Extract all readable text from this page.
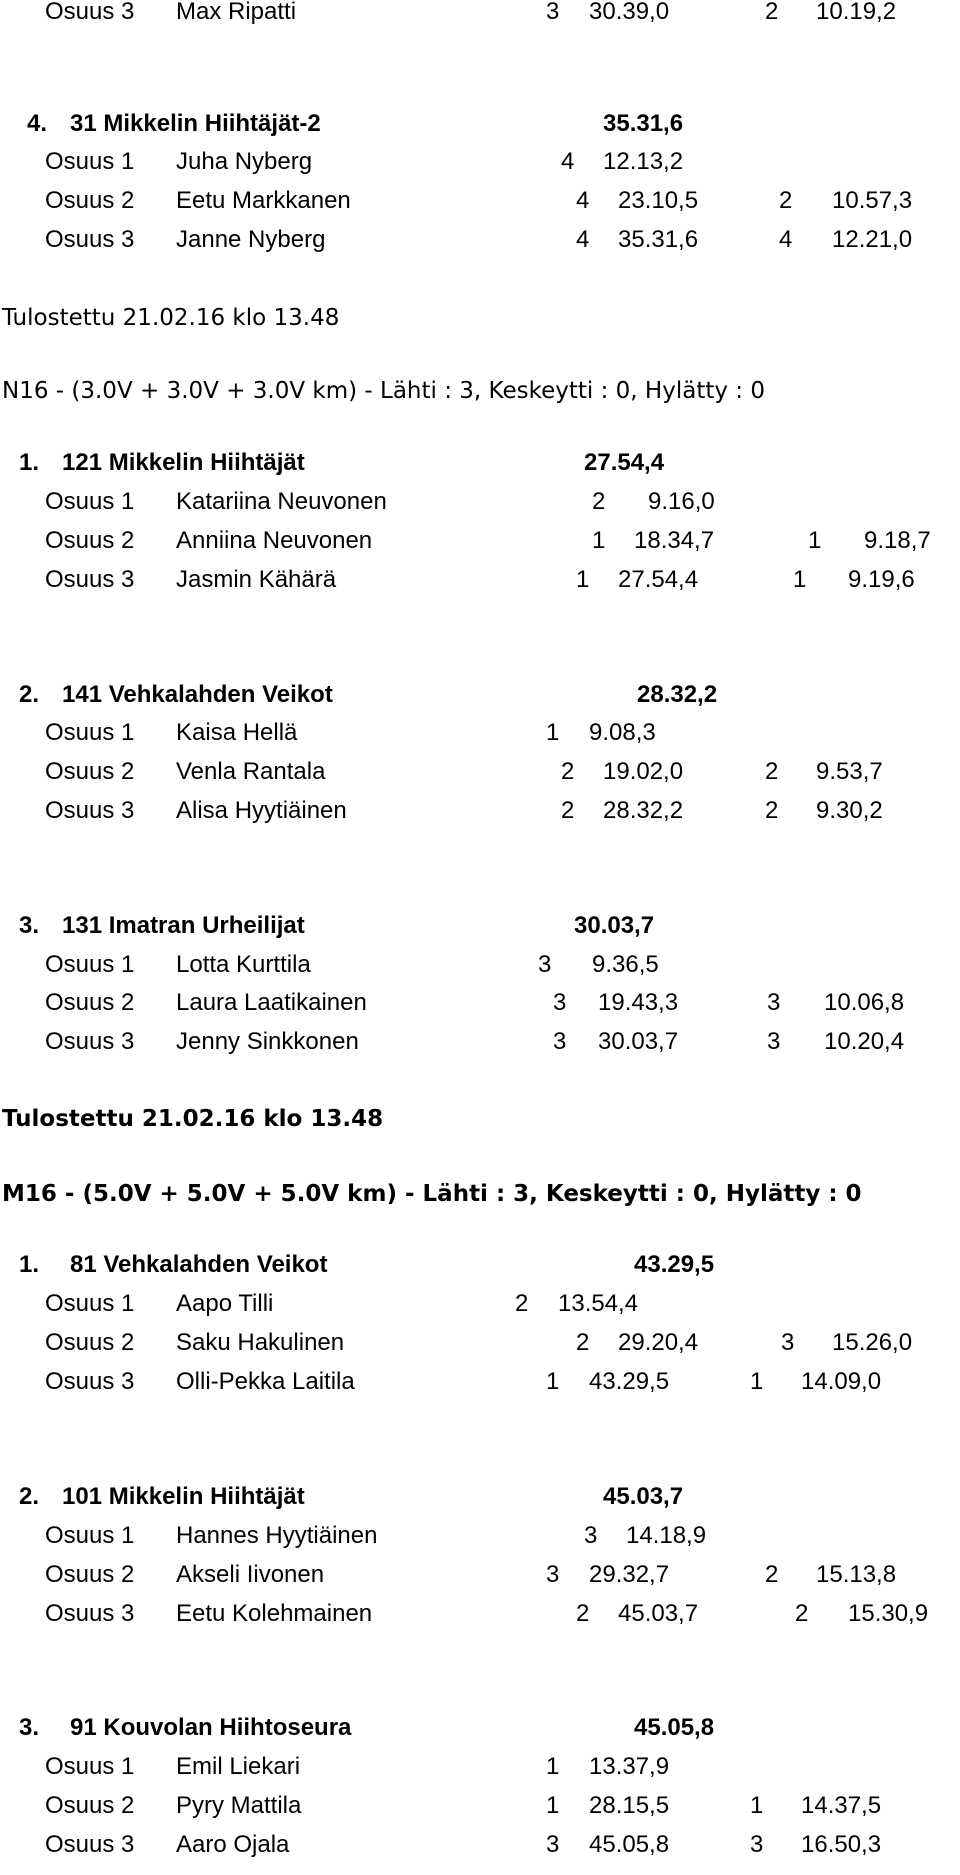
Osuus 3 Max Ripatti	3 30.39,0	2 10.19,2
4. 31 Mikkelin Hiihtäjät-2	35.31,6
Osuus 1 Juha Nyberg	4 12.13,2
Osuus 2 Eetu Markkanen	4 23.10,5	2 10.57,3
Osuus 3 Janne Nyberg	4 35.31,6	4 12.21,0
Tulostettu 21.02.16 klo 13.48
N16 - (3.0V + 3.0V + 3.0V km) - Lähti : 3, Keskeytti : 0, Hylätty : 0
1. 121 Mikkelin Hiihtäjät	27.54,4
Osuus 1 Katariina Neuvonen	2 9.16,0
Osuus 2 Anniina Neuvonen	1 18.34,7	1 9.18,7
Osuus 3 Jasmin Kähärä	1 27.54,4	1 9.19,6
2. 141 Vehkalahden Veikot	28.32,2
Osuus 1 Kaisa Hellä	1 9.08,3
Osuus 2 Venla Rantala	2 19.02,0	2 9.53,7
Osuus 3 Alisa Hyytiäinen	2 28.32,2	2 9.30,2
3. 131 Imatran Urheilijat	30.03,7
Osuus 1 Lotta Kurttila	3 9.36,5
Osuus 2 Laura Laatikainen	3 19.43,3	3 10.06,8
Osuus 3 Jenny Sinkkonen	3 30.03,7	3 10.20,4
Tulostettu 21.02.16 klo 13.48
M16 - (5.0V + 5.0V + 5.0V km) - Lähti : 3, Keskeytti : 0, Hylätty : 0
1. 81 Vehkalahden Veikot	43.29,5
Osuus 1 Aapo Tilli	2 13.54,4
Osuus 2 Saku Hakulinen	2 29.20,4	3 15.26,0
Osuus 3 Olli-Pekka Laitila	1 43.29,5	1 14.09,0
2. 101 Mikkelin Hiihtäjät	45.03,7
Osuus 1 Hannes Hyytiäinen	3 14.18,9
Osuus 2 Akseli Iivonen	3 29.32,7	2 15.13,8
Osuus 3 Eetu Kolehmainen	2 45.03,7	2 15.30,9
3. 91 Kouvolan Hiihtoseura	45.05,8
Osuus 1 Emil Liekari	1 13.37,9
Osuus 2 Pyry Mattila	1 28.15,5	1 14.37,5
Osuus 3 Aaro Ojala	3 45.05,8	3 16.50,3
